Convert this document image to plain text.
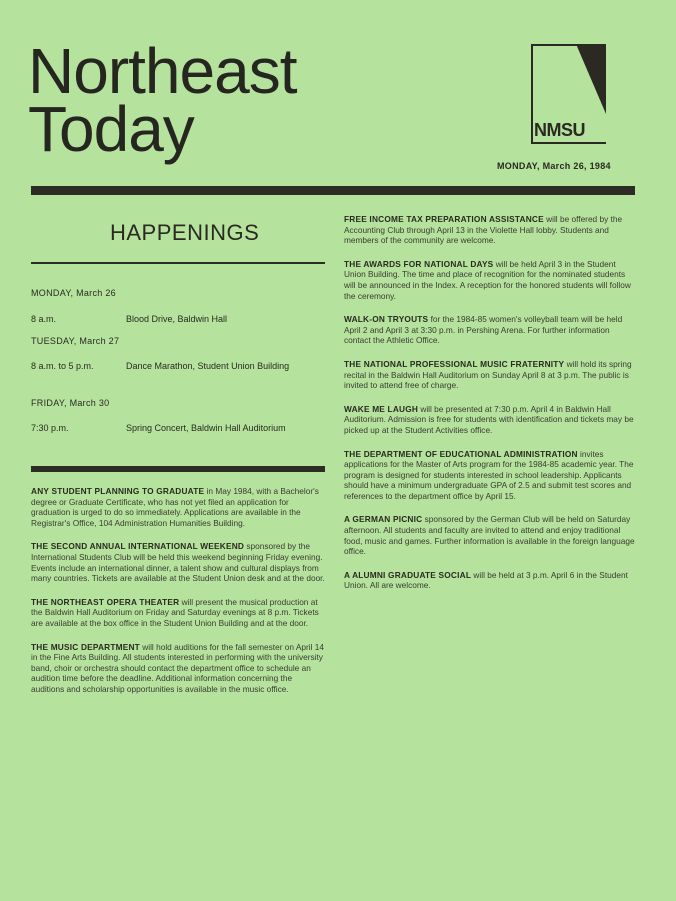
Northeast
Today	NMSU
MONDAY, March 26, 1984
HAPPENINGS
MONDAY, March 26
8 a.m.	Blood Drive, Baldwin Hall
TUESDAY, March 27
8 a.m. to 5 p.m.	Dance Marathon, Student Union Building
FRIDAY, March 30
7:30 p.m.	Spring Concert, Baldwin Hall Auditorium

ANY STUDENT PLANNING TO GRADUATE in May 1984, with a Bachelor's degree or Graduate Certificate, who has not yet filed an application for graduation is urged to do so immediately. Applications are available in the Registrar's Office, 104 Administration Humanities Building.

THE SECOND ANNUAL INTERNATIONAL WEEKEND sponsored by the International Students Club will be held this weekend beginning Friday evening. Events include an international dinner, a talent show and cultural displays from many countries. Tickets are available at the Student Union desk and at the door.

THE NORTHEAST OPERA THEATER will present the musical production at the Baldwin Hall Auditorium on Friday and Saturday evenings at 8 p.m. Tickets are available at the box office in the Student Union Building and at the door.

THE MUSIC DEPARTMENT will hold auditions for the fall semester on April 14 in the Fine Arts Building. All students interested in performing with the university band, choir or orchestra should contact the department office to schedule an audition time before the deadline. Additional information concerning the auditions and scholarship opportunities is available in the music office.

FREE INCOME TAX PREPARATION ASSISTANCE will be offered by the Accounting Club through April 13 in the Violette Hall lobby. Students and members of the community are welcome.

THE AWARDS FOR NATIONAL DAYS will be held April 3 in the Student Union Building. The time and place of recognition for the nominated students will be announced in the Index. A reception for the honored students will follow the ceremony.

WALK-ON TRYOUTS for the 1984-85 women's volleyball team will be held April 2 and April 3 at 3:30 p.m. in Pershing Arena. For further information contact the Athletic Office.

THE NATIONAL PROFESSIONAL MUSIC FRATERNITY will hold its spring recital in the Baldwin Hall Auditorium on Sunday April 8 at 3 p.m. The public is invited to attend free of charge.

WAKE ME LAUGH will be presented at 7:30 p.m. April 4 in Baldwin Hall Auditorium. Admission is free for students with identification and tickets may be picked up at the Student Activities office.

THE DEPARTMENT OF EDUCATIONAL ADMINISTRATION invites applications for the Master of Arts program for the 1984-85 academic year. The program is designed for students interested in school leadership. Applicants should have a minimum undergraduate GPA of 2.5 and submit test scores and references to the department office by April 15.

A GERMAN PICNIC sponsored by the German Club will be held on Saturday afternoon. All students and faculty are invited to attend and enjoy traditional food, music and games. Further information is available in the foreign language office.

A ALUMNI GRADUATE SOCIAL will be held at 3 p.m. April 6 in the Student Union. All are welcome.
